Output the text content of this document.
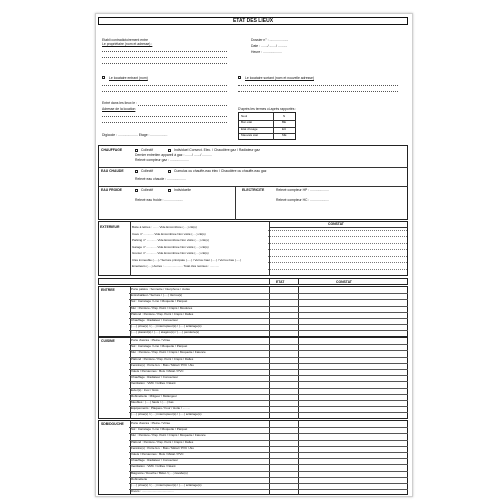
ETAT DES LIEUX
Etabli contradictoirement entre
Le propriétaire (nom et adresse) :
Dossier n° : ....................
Date : ......./ ......./ ..........
Heure : ....................
Le locataire entrant (nom)	Le locataire sortant (nom et nouvelle adresse)
Entré dans les lieux le :
Adresse de la location
Digicode : ..................... Etage : ..................
D'après les termes ci-après rapportés :
Neuf	N
Bon état	BE
Etat d'usage	EU
Mauvais état	ME
CHAUFFAGE	Collectif	Individuel Convect. Elec. / Chaudière gaz / Radiateur gaz
Dernier entretien appareil à gaz : ......./ ......./ ..........
Relevé compteur gaz : ....................
EAU CHAUDE	Collectif	Cumulus ou chauffe-eau élec / Chaudière ou chauffe-eau gaz
Relevé eau chaude : ....................
EAU FROIDE	Collectif	Individuelle
Relevé eau froide : ....................
ELECTRICITE	Relevé compteur HP : ....................
Relevé compteur HC : ....................
EXTERIEUR
CONSTAT
ETAT	CONSTAT
Boite à lettres : ....... Vide Encombrée (.....) clé(s)
Cave n° ............ Vide Encombrée Non visité (.....) clé(s)
Parking n° ............ Vide Encombrée Non visité (.....) clé(s)
Garage n° ............ Vide Encombrée Non visité (.....) clé(s)
Grenier n° ............ Vide Encombrée Non visité (.....) clé(s)
Clés immeuble (.....) / Serrure principale (.....) / Verrou haut (.....) / Verrou bas (.....)
Emetteurs (.....) Autres : ...................... Total clés remises : ...........
ENTREE	Porte palière : Sonnette / Interphone / Judas
Entrebailleur / Serrure / (.....) Verrou(s)
Sol : Carrelage / Lino / Moquette / Parquet
Mur : Peinture / Pap. Peint / Crépis / Moulures
Plafond : Peinture / Pap. Peint / Crépis / Dalles
Chauffage : Radiateur / Convecteur
(.....) prise(s) / (.....) interrupteur(s) / (.....) éclairage(s)
(.....) placard(s) / (.....) étagère(s) / (.....) penderie(s)
CUISINE	Porte d'accès : Pleine / Vitrée
Sol : Carrelage / Lino / Moquette / Parquet
Mur : Peinture / Pap. Peint / Crépis / Moquette / Faïence
Plafond : Peinture / Pap. Peint / Crépis / Dalles
Fenêtre(s) : Porte fen. : Bois / Métal / PVC / Alu
Volets / Persiennes : Bois / Métal / PVC
Chauffage : Radiateur / Convecteur
Ventilation : VMC / Grilles / Néant
Evier(s) : Inox / Grès
Robinetterie : Mitigeur / Mélangeur
Meubles : (.....) hauts / (.....) bas
Equipements : Plaques / Four / Hotte / .........
(.....) prise(s) / (.....) interrupteur(s) / (.....) éclairage(s)
SDB/DOUCHE Porte d'accès : Pleine / Vitrée
Sol : Carrelage / Lino / Moquette / Parquet
Mur : Peinture / Pap. Peint / Crépis / Moquette / Faïence
Plafond : Peinture / Pap. Peint / Crépis / Dalles
Fenêtre(s) : Porte fen. : Bois / Métal / PVC / Alu
Volets / Persiennes : Bois / Métal / PVC
Chauffage : Radiateur / Convecteur
Ventilation : VMC / Grilles / Néant
Baignoire / Douche / Bidet / (.....) lavabo(s)
Robinetterie
(.....) prise(s) / (.....) interrupteur(s) / (.....) éclairage(s)
Divers : ......................................
